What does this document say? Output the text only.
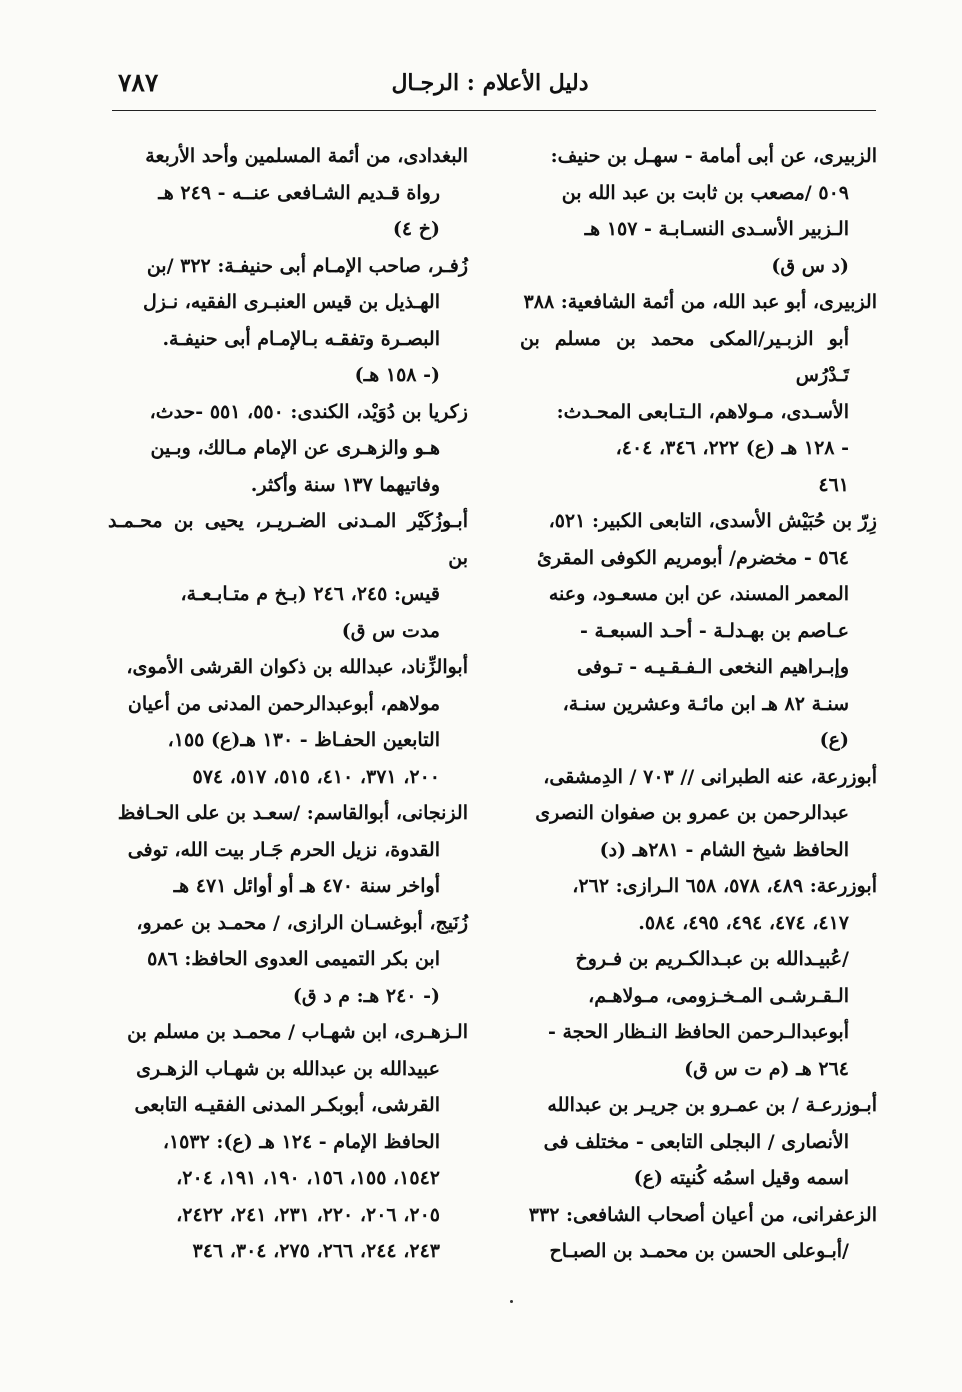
٧٨٧	دليل الأعلام : الرجـال
الزبيرى، عن أبى أمامة - سهـل بن حنيف:
٥٠٩ /مصعب بن ثابت بن عبد الله بن
الـزبير الأسـدى النسـابـة - ١٥٧ هـ
(د س ق)
الزبيرى، أبو عبد الله، من أئمة الشافعية: ٣٨٨
أبو الزبـير/المكى محمد بن مسلم بن تَـدْرُس
الأسـدى، مـولاهم، الـتـابعى المحـدث:
- ١٢٨ هـ (ع) ٢٢٢، ٣٤٦، ٤٠٤،
٤٦١
زِرّ بن حُبَيْش الأسدى، التابعى الكبير: ٥٢١،
٥٦٤ - مخضرم/ أبومريم الكوفى المقرئ
المعمر المسند، عن ابن مسعـود، وعنه
عـاصم بن بهـدلـة - أحـد السبعـة -
وإبـراهيم النخعى الـفـقـيـه - تـوفى
سنـة ٨٢ هـ ابن مائـة وعشرين سنـة،
(ع)
أبوزرعة، عنه الطبرانى // ٧٠٣ / الدِمشقى،
عبدالرحمن بن عمرو بن صفوان النصرى
الحافظ شيخ الشام - ٢٨١هـ (د)
أبوزرعة: ٤٨٩، ٥٧٨، ٦٥٨ الـرازى: ٢٦٢،
٤١٧، ٤٧٤، ٤٩٤، ٤٩٥، ٥٨٤.
/عُبيـدالله بن عبـدالكـريم بن فـروخ
الـقـرشـى المـخـزومى، مـولاهـم،
أبوعبدالـرحمن الحافظ النـظار الحجة -
٢٦٤ هـ (م ت س ق)
أبـوزرعـة / بن عمـرو بن جريـر بن عبدالله
الأنصارى / البجلى التابعى - مختلف فى
اسمه وقيل اسمُه كُنيته (ع)
الزعفرانى، من أعيان أصحاب الشافعى: ٣٣٢
/أبـوعلى الحسن بن محمـد بن الصبـاح
البغدادى، من أئمة المسلمين وأحد الأربعة
رواة قـديم الشـافعى عنــه - ٢٤٩ هـ
(خ ٤)
زُفـر، صاحب الإمـام أبى حنيفـة: ٣٢٢ /بن
الهـذيل بن قيس العنبـرى الفقيه، نـزل
البصـرة وتفقـه بـالإمـام أبى حنيفـة.
(- ١٥٨ هـ)
زكريا بن دُوَيْد، الكندى: ٥٥٠، ٥٥١ -حدث،
هـو والزهـرى عن الإمام مـالك، وبـين
وفاتيهما ١٣٧ سنة وأكثر.
أبـوزُكَيْر المـدنى الضـريـر، يحيى بن محـمـد بن
قيس: ٢٤٥، ٢٤٦ (بـخ م متـابـعـة،
مدت س ق)
أبوالزِّناد، عبدالله بن ذكوان القرشى الأموى،
مولاهم، أبوعبدالرحمن المدنى من أعيان
التابعين الحفـاظ - ١٣٠ هـ(ع) ١٥٥،
٢٠٠، ٣٧١، ٤١٠، ٥١٥، ٥١٧، ٥٧٤
الزنجانى، أبوالقاسم: /سعـد بن على الحـافظ
القدوة، نزيل الحرم جَـار بيت الله، توفى
أواخر سنة ٤٧٠ هـ أو أوائل ٤٧١ هـ
زُنَيج، أبوغسـان الرازى، / محمـد بن عمرو،
ابن بكر التميمى العدوى الحافظ: ٥٨٦
(- ٢٤٠ هـ: م د ق)
الـزهـرى، ابن شهـاب / محمـد بن مسلم بن
عبيدالله بن عبدالله بن شهـاب الزهـرى
القرشى، أبوبكـر المدنى الفقيـه التابعى
الحافظ الإمام - ١٢٤ هـ (ع): ١٥٣٢،
١٥٤٢، ١٥٥، ١٥٦، ١٩٠، ١٩١، ٢٠٤،
٢٠٥، ٢٠٦، ٢٢٠، ٢٣١، ٢٤١، ٢٤٢٢،
٢٤٣، ٢٤٤، ٢٦٦، ٢٧٥، ٣٠٤، ٣٤٦
